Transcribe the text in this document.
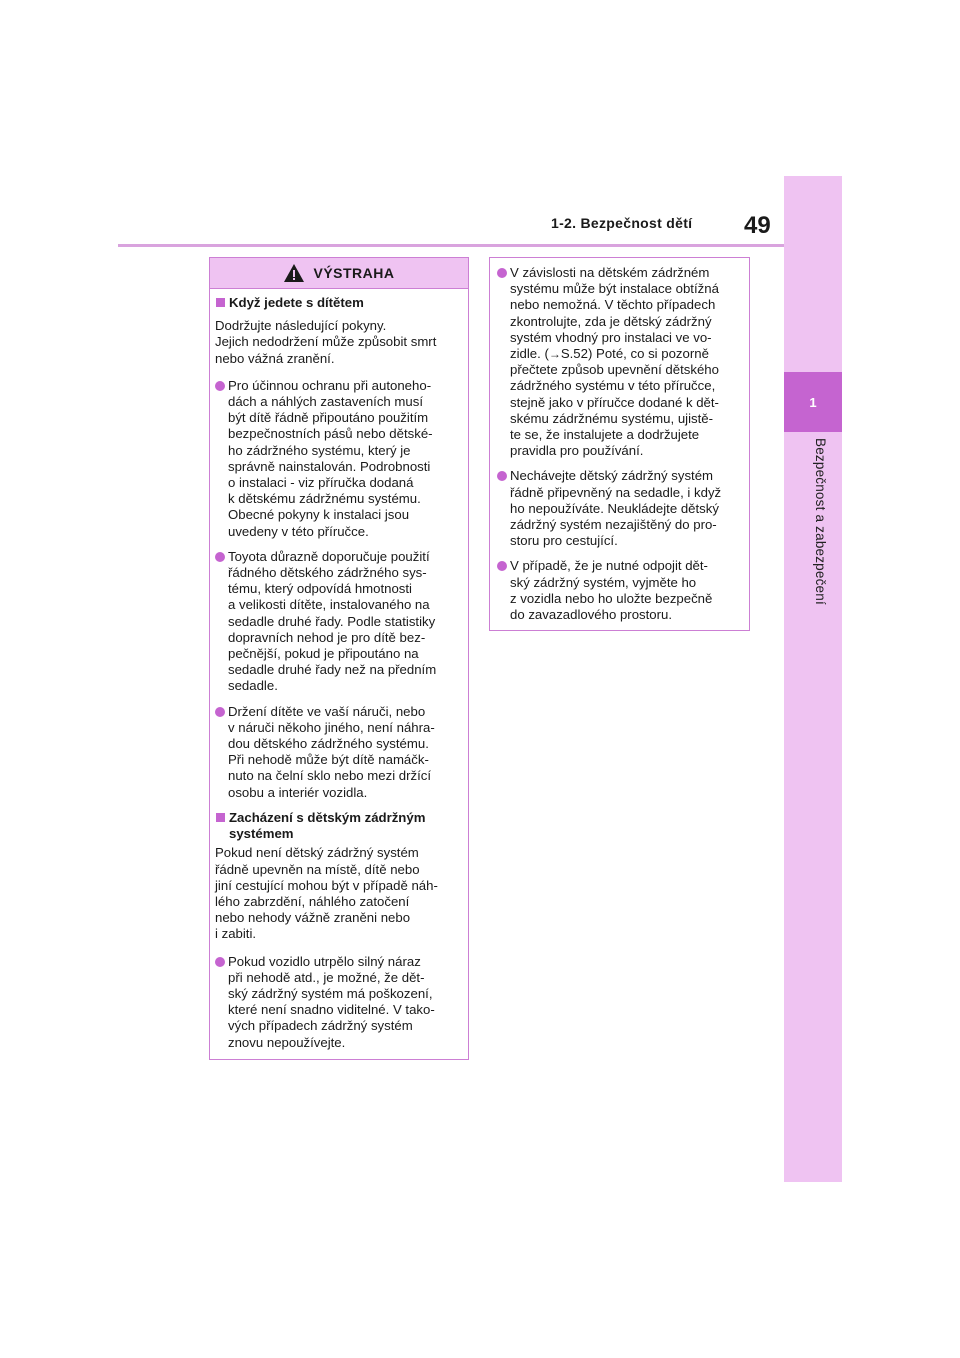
1-2. Bezpečnost dětí 49
1
Bezpečnost a zabezpečení
VÝSTRAHA
Když jedete s dítětem
Dodržujte následující pokyny.
Jejich nedodržení může způsobit smrt
nebo vážná zranění.
Pro účinnou ochranu při autoneho-
dách a náhlých zastaveních musí
být dítě řádně připoutáno použitím
bezpečnostních pásů nebo dětské-
ho zádržného systému, který je
správně nainstalován. Podrobnosti
o instalaci - viz příručka dodaná
k dětskému zádržnému systému.
Obecné pokyny k instalaci jsou
uvedeny v této příručce.
Toyota důrazně doporučuje použití
řádného dětského zádržného sys-
tému, který odpovídá hmotnosti
a velikosti dítěte, instalovaného na
sedadle druhé řady. Podle statistiky
dopravních nehod je pro dítě bez-
pečnější, pokud je připoutáno na
sedadle druhé řady než na předním
sedadle.
Držení dítěte ve vaší náruči, nebo
v náruči někoho jiného, není náhra-
dou dětského zádržného systému.
Při nehodě může být dítě namáčk-
nuto na čelní sklo nebo mezi držící
osobu a interiér vozidla.
Zacházení s dětským zádržným
systémem
Pokud není dětský zádržný systém
řádně upevněn na místě, dítě nebo
jiní cestující mohou být v případě náh-
lého zabrzdění, náhlého zatočení
nebo nehody vážně zraněni nebo
i zabiti.
Pokud vozidlo utrpělo silný náraz
při nehodě atd., je možné, že dět-
ský zádržný systém má poškození,
které není snadno viditelné. V tako-
vých případech zádržný systém
znovu nepoužívejte.
V závislosti na dětském zádržném
systému může být instalace obtížná
nebo nemožná. V těchto případech
zkontrolujte, zda je dětský zádržný
systém vhodný pro instalaci ve vo-
zidle. (→S.52) Poté, co si pozorně
přečtete způsob upevnění dětského
zádržného systému v této příručce,
stejně jako v příručce dodané k dět-
skému zádržnému systému, ujistě-
te se, že instalujete a dodržujete
pravidla pro používání.
Nechávejte dětský zádržný systém
řádně připevněný na sedadle, i když
ho nepoužíváte. Neukládejte dětský
zádržný systém nezajištěný do pro-
storu pro cestující.
V případě, že je nutné odpojit dět-
ský zádržný systém, vyjměte ho
z vozidla nebo ho uložte bezpečně
do zavazadlového prostoru.
